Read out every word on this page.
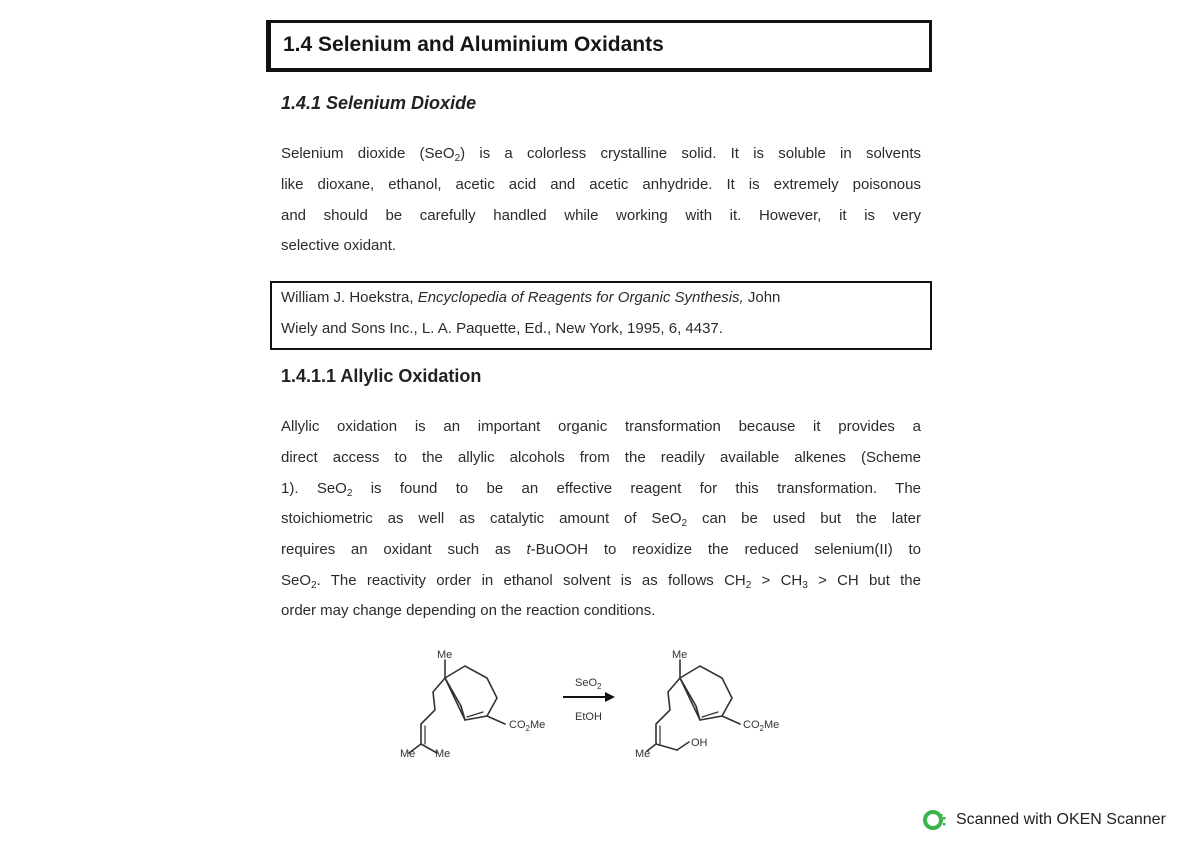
1.4 Selenium and Aluminium Oxidants
1.4.1 Selenium Dioxide

Selenium dioxide (SeO$_2$) is a colorless crystalline solid. It is soluble in solvents

like dioxane, ethanol, acetic acid and acetic anhydride. It is extremely poisonous

and should be carefully handled while working with it. However, it is very

selective oxidant.

William J. Hoekstra, Encyclopedia of Reagents for Organic Synthesis, John
Wiely and Sons Inc., L. A. Paquette, Ed., New York, 1995, 6, 4437.
1.4.1.1 Allylic Oxidation

Allylic oxidation is an important organic transformation because it provides a

direct access to the allylic alcohols from the readily available alkenes (Scheme

1). SeO$_2$ is found to be an effective reagent for this transformation. The

stoichiometric as well as catalytic amount of SeO$_2$ can be used but the later

requires an oxidant such as t-BuOOH to reoxidize the reduced selenium(II) to

SeO$_2$. The reactivity order in ethanol solvent is as follows $CH_2 > CH_3$ > CH but the

order may change depending on the reaction conditions.

Me
$CO_2Me$
Me Me
SeO$_2$
EtOH
Me
$CO_2Me$
Me
OH
Scanned with OKEN Scanner
